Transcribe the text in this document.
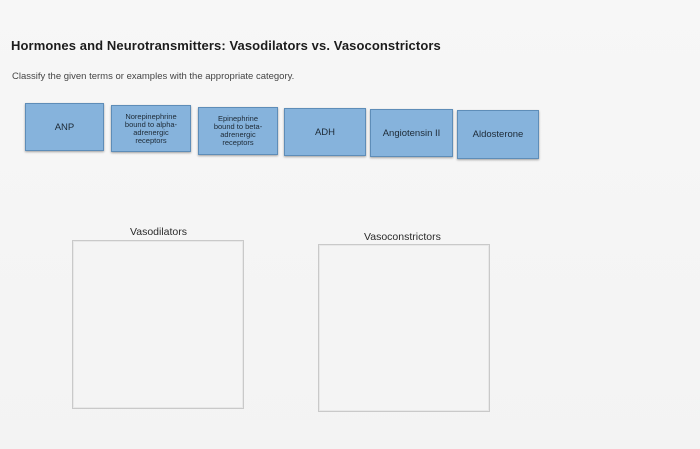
Hormones and Neurotransmitters: Vasodilators vs. Vasoconstrictors
Classify the given terms or examples with the appropriate category.
ANP
Norepinephrine
bound to alpha-
adrenergic
receptors
Epinephrine
bound to beta-
adrenergic
receptors
ADH	Angiotensin II	Aldosterone
Vasodilators	Vasoconstrictors
